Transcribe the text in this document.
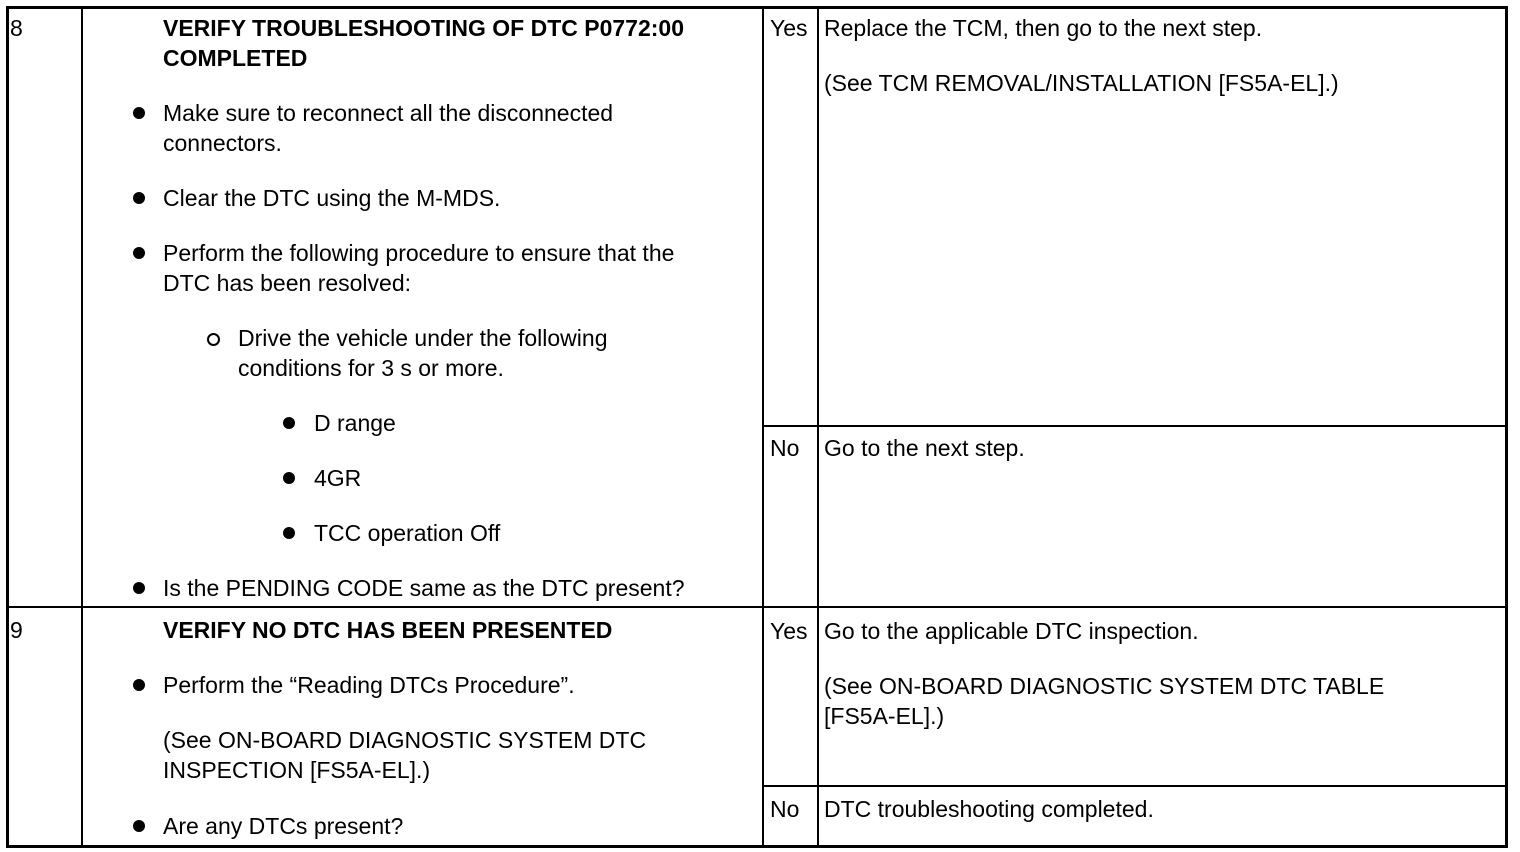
8	VERIFY TROUBLESHOOTING OF DTC P0772:00
COMPLETED
Make sure to reconnect all the disconnected
connectors.
Clear the DTC using the M-MDS.
Perform the following procedure to ensure that the
DTC has been resolved:
Drive the vehicle under the following
conditions for 3 s or more.
D range
4GR
TCC operation Off
Is the PENDING CODE same as the DTC present?
Yes Replace the TCM, then go to the next step.
(See TCM REMOVAL/INSTALLATION [FS5A-EL].)
No Go to the next step.
9	VERIFY NO DTC HAS BEEN PRESENTED
Perform the “Reading DTCs Procedure”.
(See ON-BOARD DIAGNOSTIC SYSTEM DTC
INSPECTION [FS5A-EL].)
Are any DTCs present?
Yes Go to the applicable DTC inspection.
(See ON-BOARD DIAGNOSTIC SYSTEM DTC TABLE
[FS5A-EL].)
No DTC troubleshooting completed.
